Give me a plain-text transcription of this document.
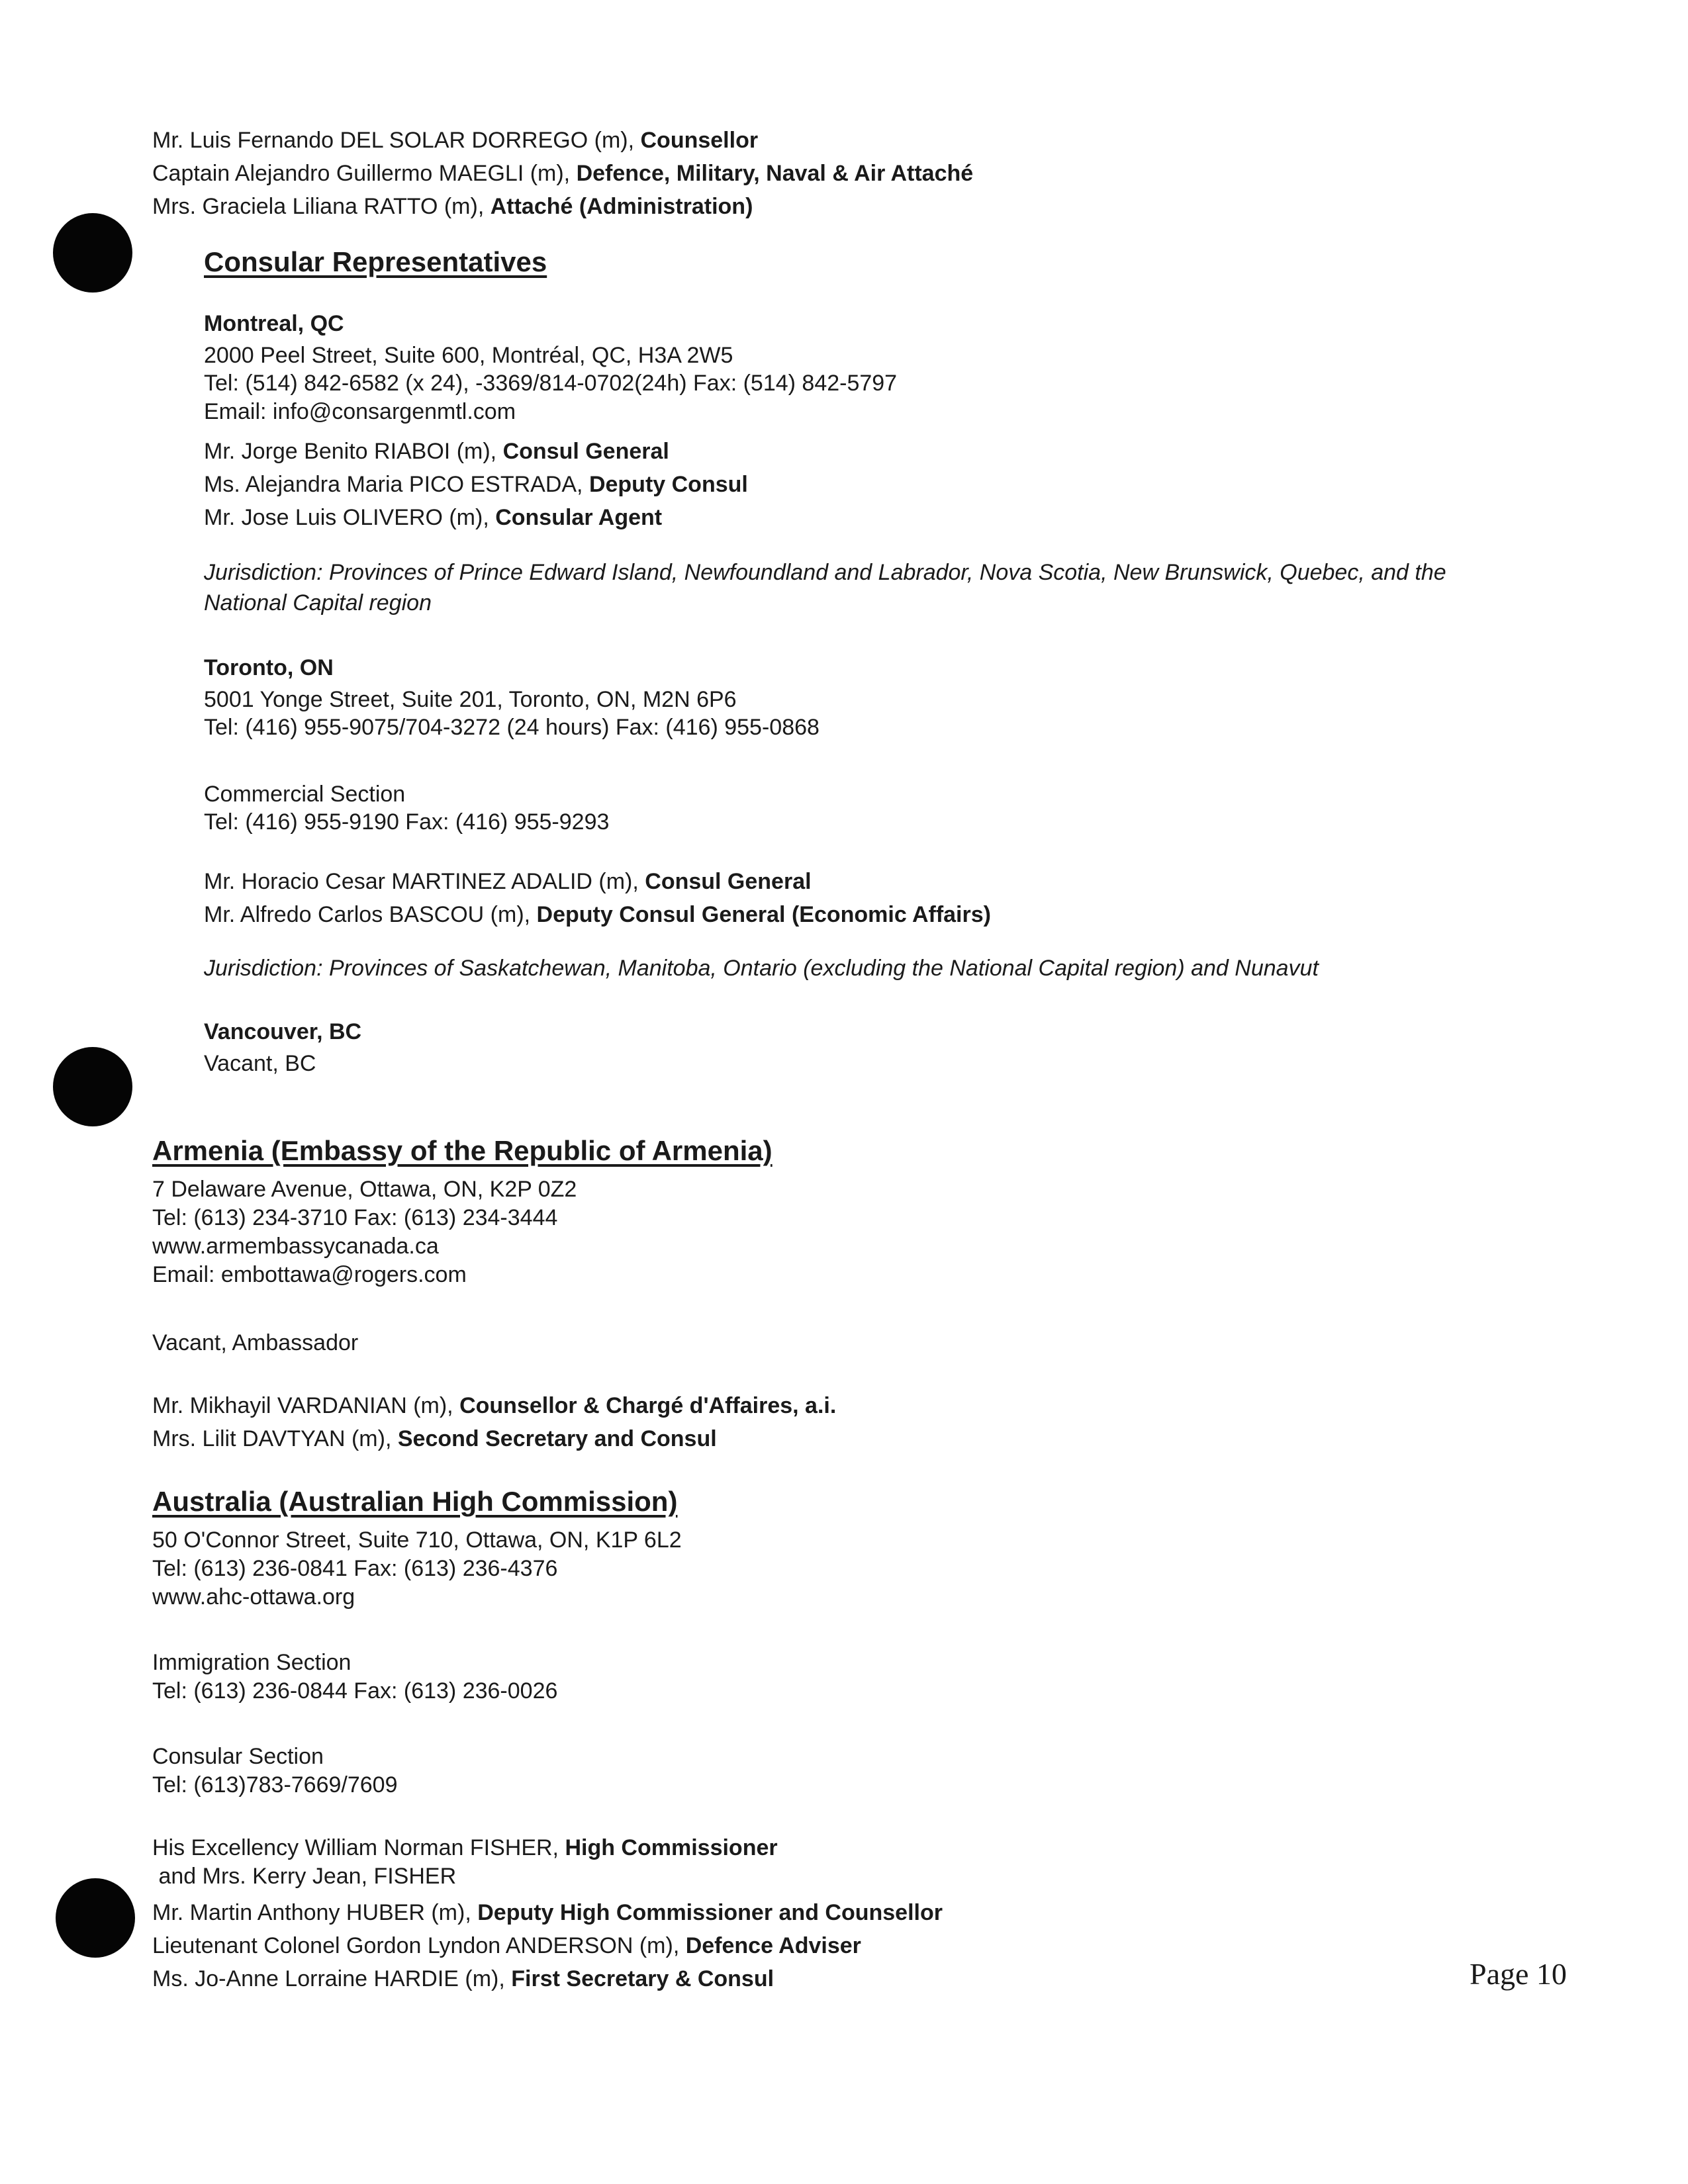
Mr. Luis Fernando DEL SOLAR DORREGO (m), Counsellor
Captain Alejandro Guillermo MAEGLI (m), Defence, Military, Naval & Air Attaché
Mrs. Graciela Liliana RATTO (m), Attaché (Administration)
Consular Representatives
Montreal, QC
2000 Peel Street, Suite 600, Montréal, QC, H3A 2W5
Tel: (514) 842-6582 (x 24), -3369/814-0702(24h) Fax: (514) 842-5797
Email: info@consargenmtl.com
Mr. Jorge Benito RIABOI (m), Consul General
Ms. Alejandra Maria PICO ESTRADA, Deputy Consul
Mr. Jose Luis OLIVERO (m), Consular Agent
Jurisdiction: Provinces of Prince Edward Island, Newfoundland and Labrador, Nova Scotia, New Brunswick, Quebec, and the National Capital region
Toronto, ON
5001 Yonge Street, Suite 201, Toronto, ON, M2N 6P6
Tel: (416) 955-9075/704-3272 (24 hours) Fax: (416) 955-0868
Commercial Section
Tel: (416) 955-9190 Fax: (416) 955-9293
Mr. Horacio Cesar MARTINEZ ADALID (m), Consul General
Mr. Alfredo Carlos BASCOU (m), Deputy Consul General (Economic Affairs)
Jurisdiction: Provinces of Saskatchewan, Manitoba, Ontario (excluding the National Capital region) and Nunavut
Vancouver, BC
Vacant, BC
Armenia (Embassy of the Republic of Armenia)
7 Delaware Avenue, Ottawa, ON, K2P 0Z2
Tel: (613) 234-3710 Fax: (613) 234-3444
www.armembassycanada.ca
Email: embottawa@rogers.com
Vacant, Ambassador
Mr. Mikhayil VARDANIAN (m), Counsellor & Chargé d'Affaires, a.i.
Mrs. Lilit DAVTYAN (m), Second Secretary and Consul
Australia (Australian High Commission)
50 O'Connor Street, Suite 710, Ottawa, ON, K1P 6L2
Tel: (613) 236-0841 Fax: (613) 236-4376
www.ahc-ottawa.org
Immigration Section
Tel: (613) 236-0844 Fax: (613) 236-0026
Consular Section
Tel: (613)783-7669/7609
His Excellency William Norman FISHER, High Commissioner
and Mrs. Kerry Jean, FISHER
Mr. Martin Anthony HUBER (m), Deputy High Commissioner and Counsellor
Lieutenant Colonel Gordon Lyndon ANDERSON (m), Defence Adviser
Ms. Jo-Anne Lorraine HARDIE (m), First Secretary & Consul	Page 10
